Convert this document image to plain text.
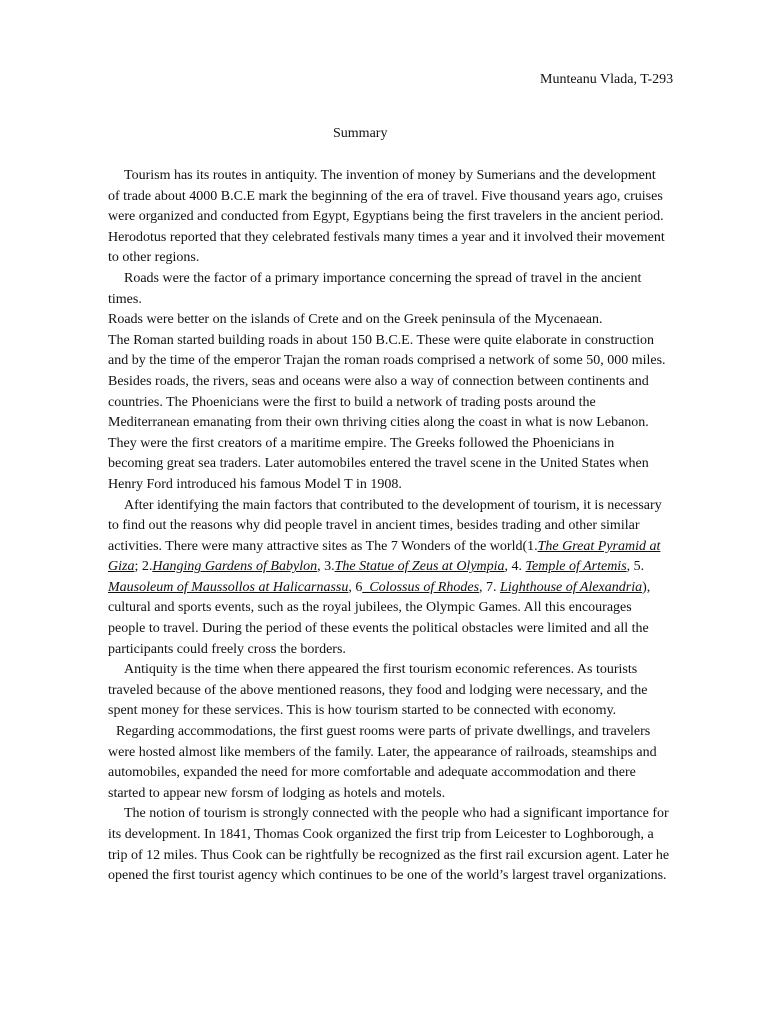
Munteanu Vlada, T-293
Summary
Tourism has its routes in antiquity. The invention of money by Sumerians and the development
of trade about 4000 B.C.E mark the beginning of the era of travel. Five thousand years ago, cruises
were organized and conducted from Egypt, Egyptians being the first travelers in the ancient period.
Herodotus reported that they celebrated festivals many times a year and it involved their movement
to other regions.
Roads were the factor of a primary importance concerning the spread of travel in the ancient
times.
Roads were better on the islands of Crete and on the Greek peninsula of the Mycenaean.
The Roman started building roads in about 150 B.C.E. These were quite elaborate in construction
and by the time of the emperor Trajan the roman roads comprised a network of some 50, 000 miles.
Besides roads, the rivers, seas and oceans were also a way of connection between continents and
countries. The Phoenicians were the first to build a network of trading posts around the
Mediterranean emanating from their own thriving cities along the coast in what is now Lebanon.
They were the first creators of a maritime empire. The Greeks followed the Phoenicians in
becoming great sea traders. Later automobiles entered the travel scene in the United States when
Henry Ford introduced his famous Model T in 1908.
After identifying the main factors that contributed to the development of tourism, it is necessary
to find out the reasons why did people travel in ancient times, besides trading and other similar
activities. There were many attractive sites as The 7 Wonders of the world(1.The Great Pyramid at
Giza; 2.Hanging Gardens of Babylon, 3.The Statue of Zeus at Olympia, 4. Temple of Artemis, 5.
Mausoleum of Maussollos at Halicarnassu, 6_Colossus of Rhodes, 7. Lighthouse of Alexandria),
cultural and sports events, such as the royal jubilees, the Olympic Games. All this encourages
people to travel. During the period of these events the political obstacles were limited and all the
participants could freely cross the borders.
Antiquity is the time when there appeared the first tourism economic references. As tourists
traveled because of the above mentioned reasons, they food and lodging were necessary, and the
spent money for these services. This is how tourism started to be connected with economy.
Regarding accommodations, the first guest rooms were parts of private dwellings, and travelers
were hosted almost like members of the family. Later, the appearance of railroads, steamships and
automobiles, expanded the need for more comfortable and adequate accommodation and there
started to appear new forsm of lodging as hotels and motels.
The notion of tourism is strongly connected with the people who had a significant importance for
its development. In 1841, Thomas Cook organized the first trip from Leicester to Loghborough, a
trip of 12 miles. Thus Cook can be rightfully be recognized as the first rail excursion agent. Later he
opened the first tourist agency which continues to be one of the world’s largest travel organizations.
